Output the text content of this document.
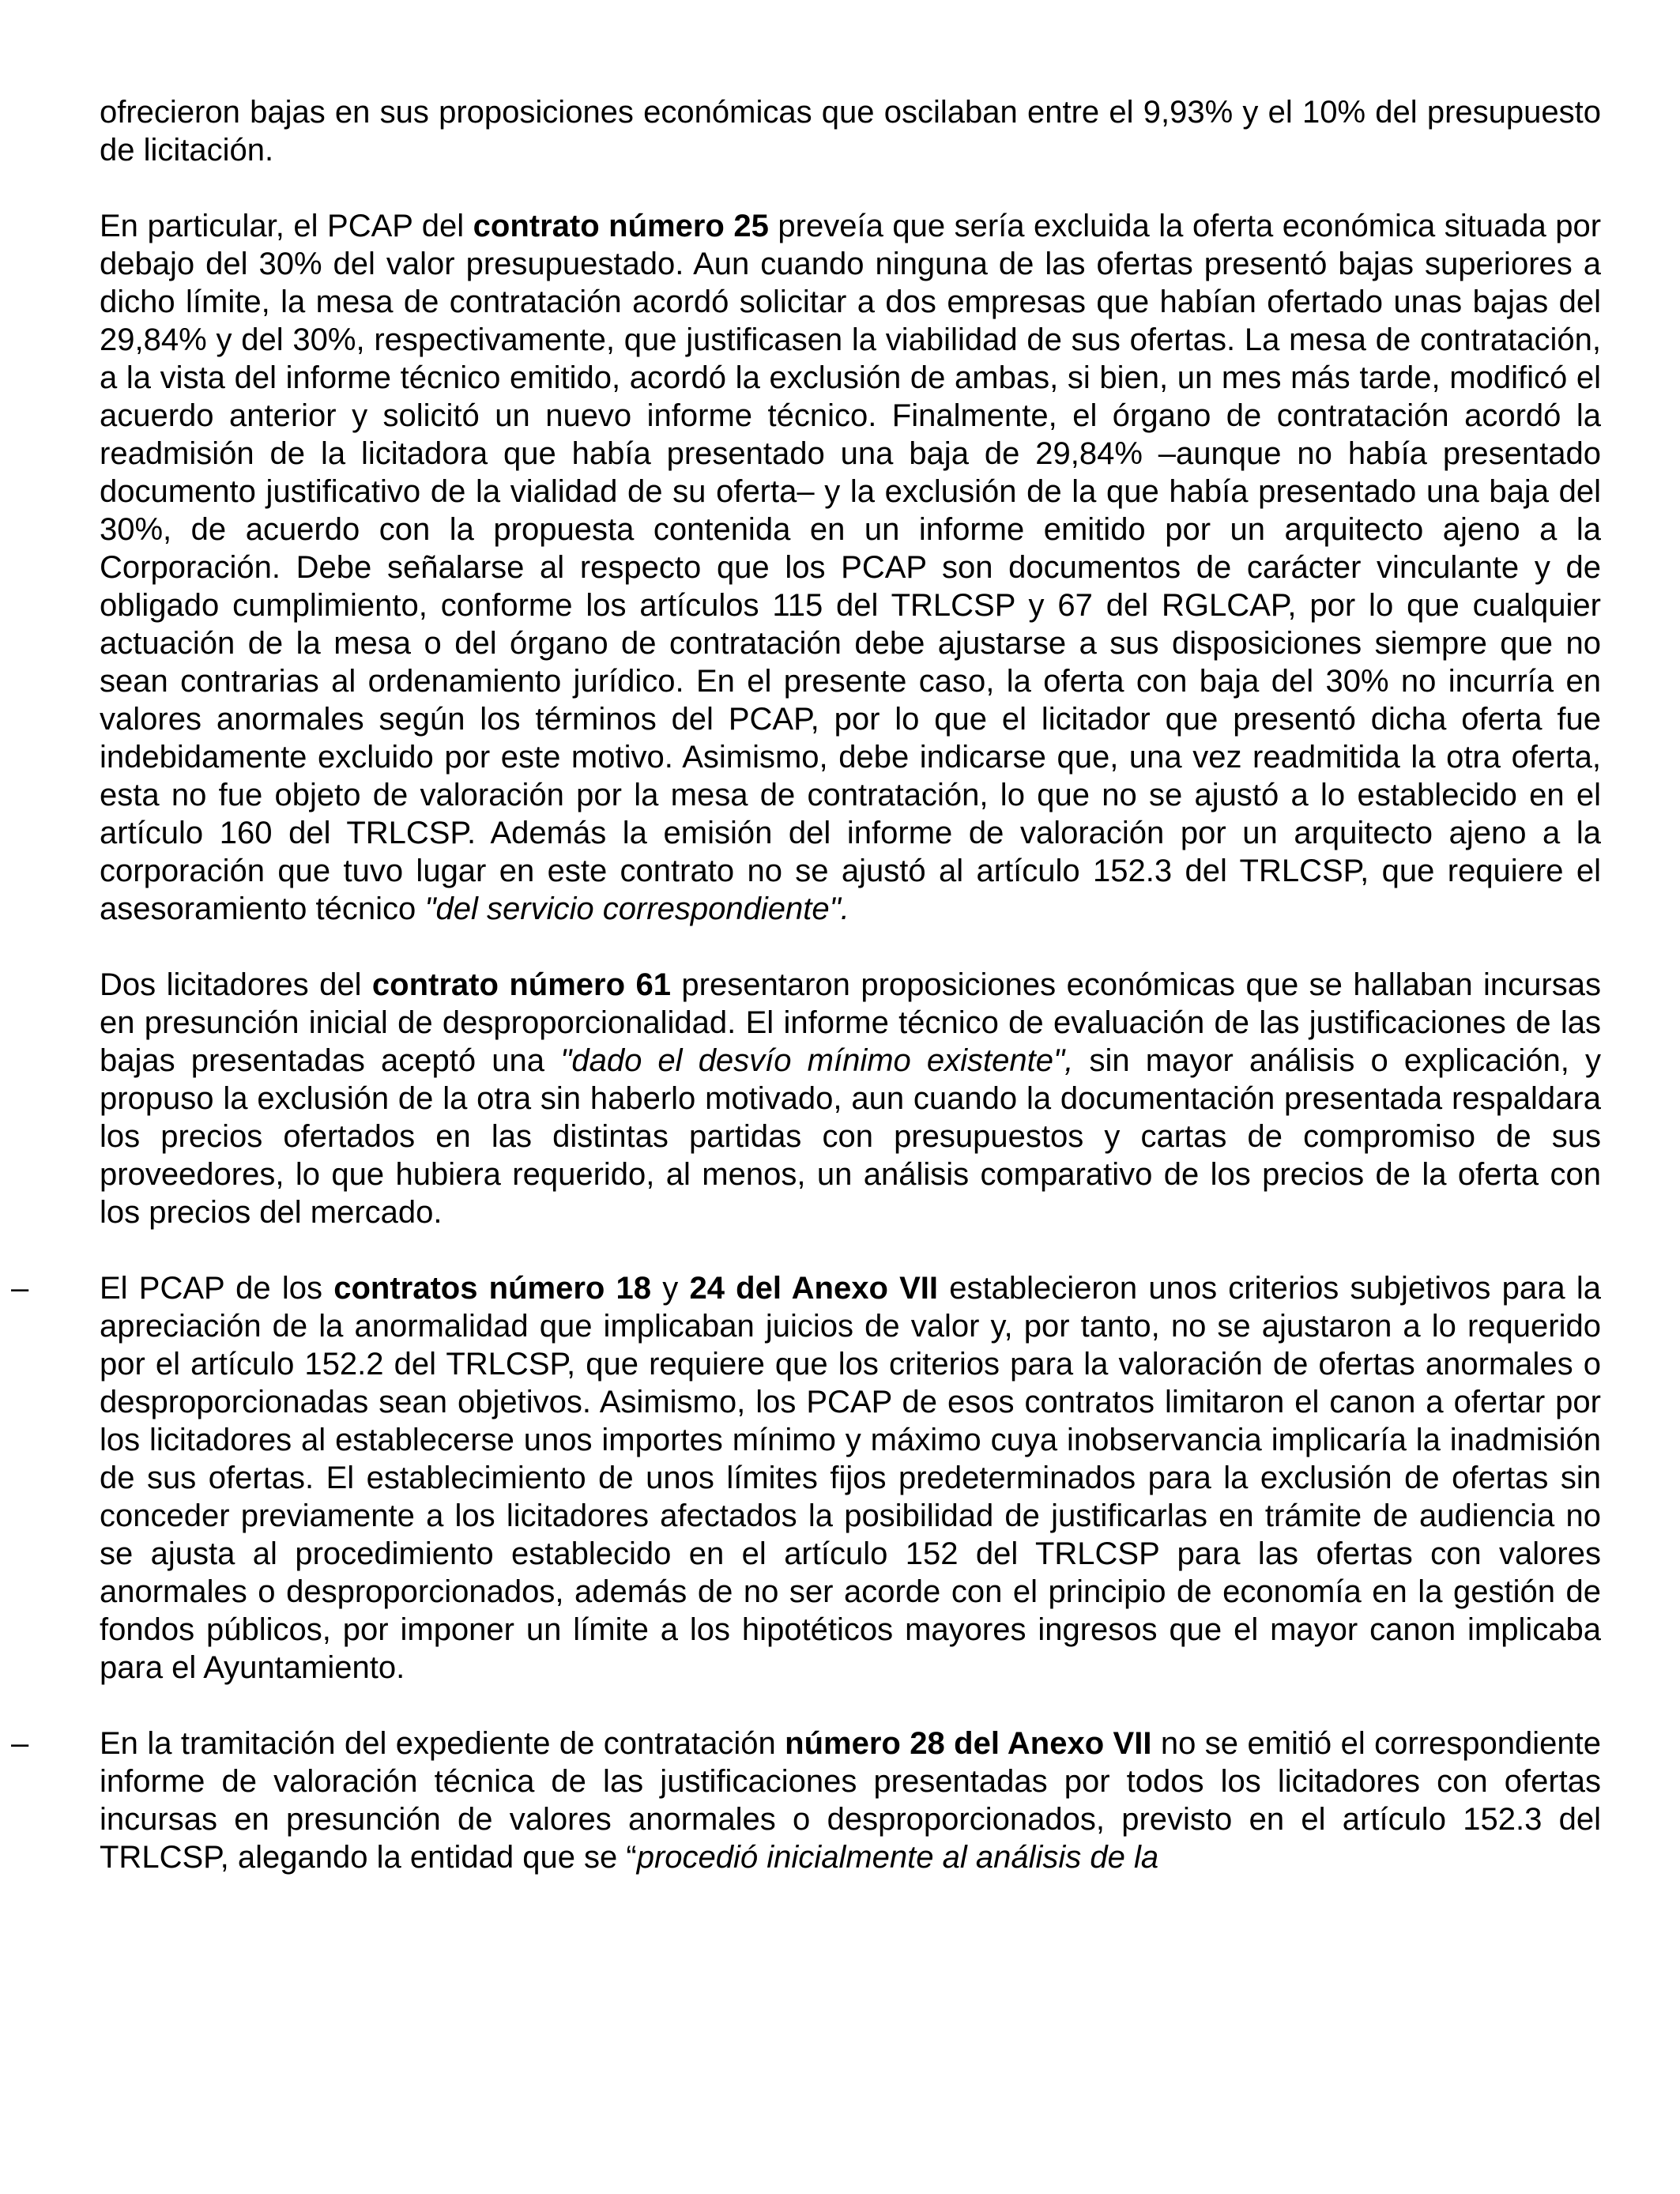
ofrecieron bajas en sus proposiciones económicas que oscilaban entre el 9,93% y el 10% del presupuesto de licitación.

En particular, el PCAP del contrato número 25 preveía que sería excluida la oferta económica situada por debajo del 30% del valor presupuestado. Aun cuando ninguna de las ofertas presentó bajas superiores a dicho límite, la mesa de contratación acordó solicitar a dos empresas que habían ofertado unas bajas del 29,84% y del 30%, respectivamente, que justificasen la viabilidad de sus ofertas. La mesa de contratación, a la vista del informe técnico emitido, acordó la exclusión de ambas, si bien, un mes más tarde, modificó el acuerdo anterior y solicitó un nuevo informe técnico. Finalmente, el órgano de contratación acordó la readmisión de la licitadora que había presentado una baja de 29,84% –aunque no había presentado documento justificativo de la vialidad de su oferta– y la exclusión de la que había presentado una baja del 30%, de acuerdo con la propuesta contenida en un informe emitido por un arquitecto ajeno a la Corporación. Debe señalarse al respecto que los PCAP son documentos de carácter vinculante y de obligado cumplimiento, conforme los artículos 115 del TRLCSP y 67 del RGLCAP, por lo que cualquier actuación de la mesa o del órgano de contratación debe ajustarse a sus disposiciones siempre que no sean contrarias al ordenamiento jurídico. En el presente caso, la oferta con baja del 30% no incurría en valores anormales según los términos del PCAP, por lo que el licitador que presentó dicha oferta fue indebidamente excluido por este motivo. Asimismo, debe indicarse que, una vez readmitida la otra oferta, esta no fue objeto de valoración por la mesa de contratación, lo que no se ajustó a lo establecido en el artículo 160 del TRLCSP. Además la emisión del informe de valoración por un arquitecto ajeno a la corporación que tuvo lugar en este contrato no se ajustó al artículo 152.3 del TRLCSP, que requiere el asesoramiento técnico "del servicio correspondiente".

Dos licitadores del contrato número 61 presentaron proposiciones económicas que se hallaban incursas en presunción inicial de desproporcionalidad. El informe técnico de evaluación de las justificaciones de las bajas presentadas aceptó una "dado el desvío mínimo existente", sin mayor análisis o explicación, y propuso la exclusión de la otra sin haberlo motivado, aun cuando la documentación presentada respaldara los precios ofertados en las distintas partidas con presupuestos y cartas de compromiso de sus proveedores, lo que hubiera requerido, al menos, un análisis comparativo de los precios de la oferta con los precios del mercado.

– El PCAP de los contratos número 18 y 24 del Anexo VII establecieron unos criterios subjetivos para la apreciación de la anormalidad que implicaban juicios de valor y, por tanto, no se ajustaron a lo requerido por el artículo 152.2 del TRLCSP, que requiere que los criterios para la valoración de ofertas anormales o desproporcionadas sean objetivos. Asimismo, los PCAP de esos contratos limitaron el canon a ofertar por los licitadores al establecerse unos importes mínimo y máximo cuya inobservancia implicaría la inadmisión de sus ofertas. El establecimiento de unos límites fijos predeterminados para la exclusión de ofertas sin conceder previamente a los licitadores afectados la posibilidad de justificarlas en trámite de audiencia no se ajusta al procedimiento establecido en el artículo 152 del TRLCSP para las ofertas con valores anormales o desproporcionados, además de no ser acorde con el principio de economía en la gestión de fondos públicos, por imponer un límite a los hipotéticos mayores ingresos que el mayor canon implicaba para el Ayuntamiento.
– En la tramitación del expediente de contratación número 28 del Anexo VII no se emitió el correspondiente informe de valoración técnica de las justificaciones presentadas por todos los licitadores con ofertas incursas en presunción de valores anormales o desproporcionados, previsto en el artículo 152.3 del TRLCSP, alegando la entidad que se “procedió inicialmente al análisis de la
